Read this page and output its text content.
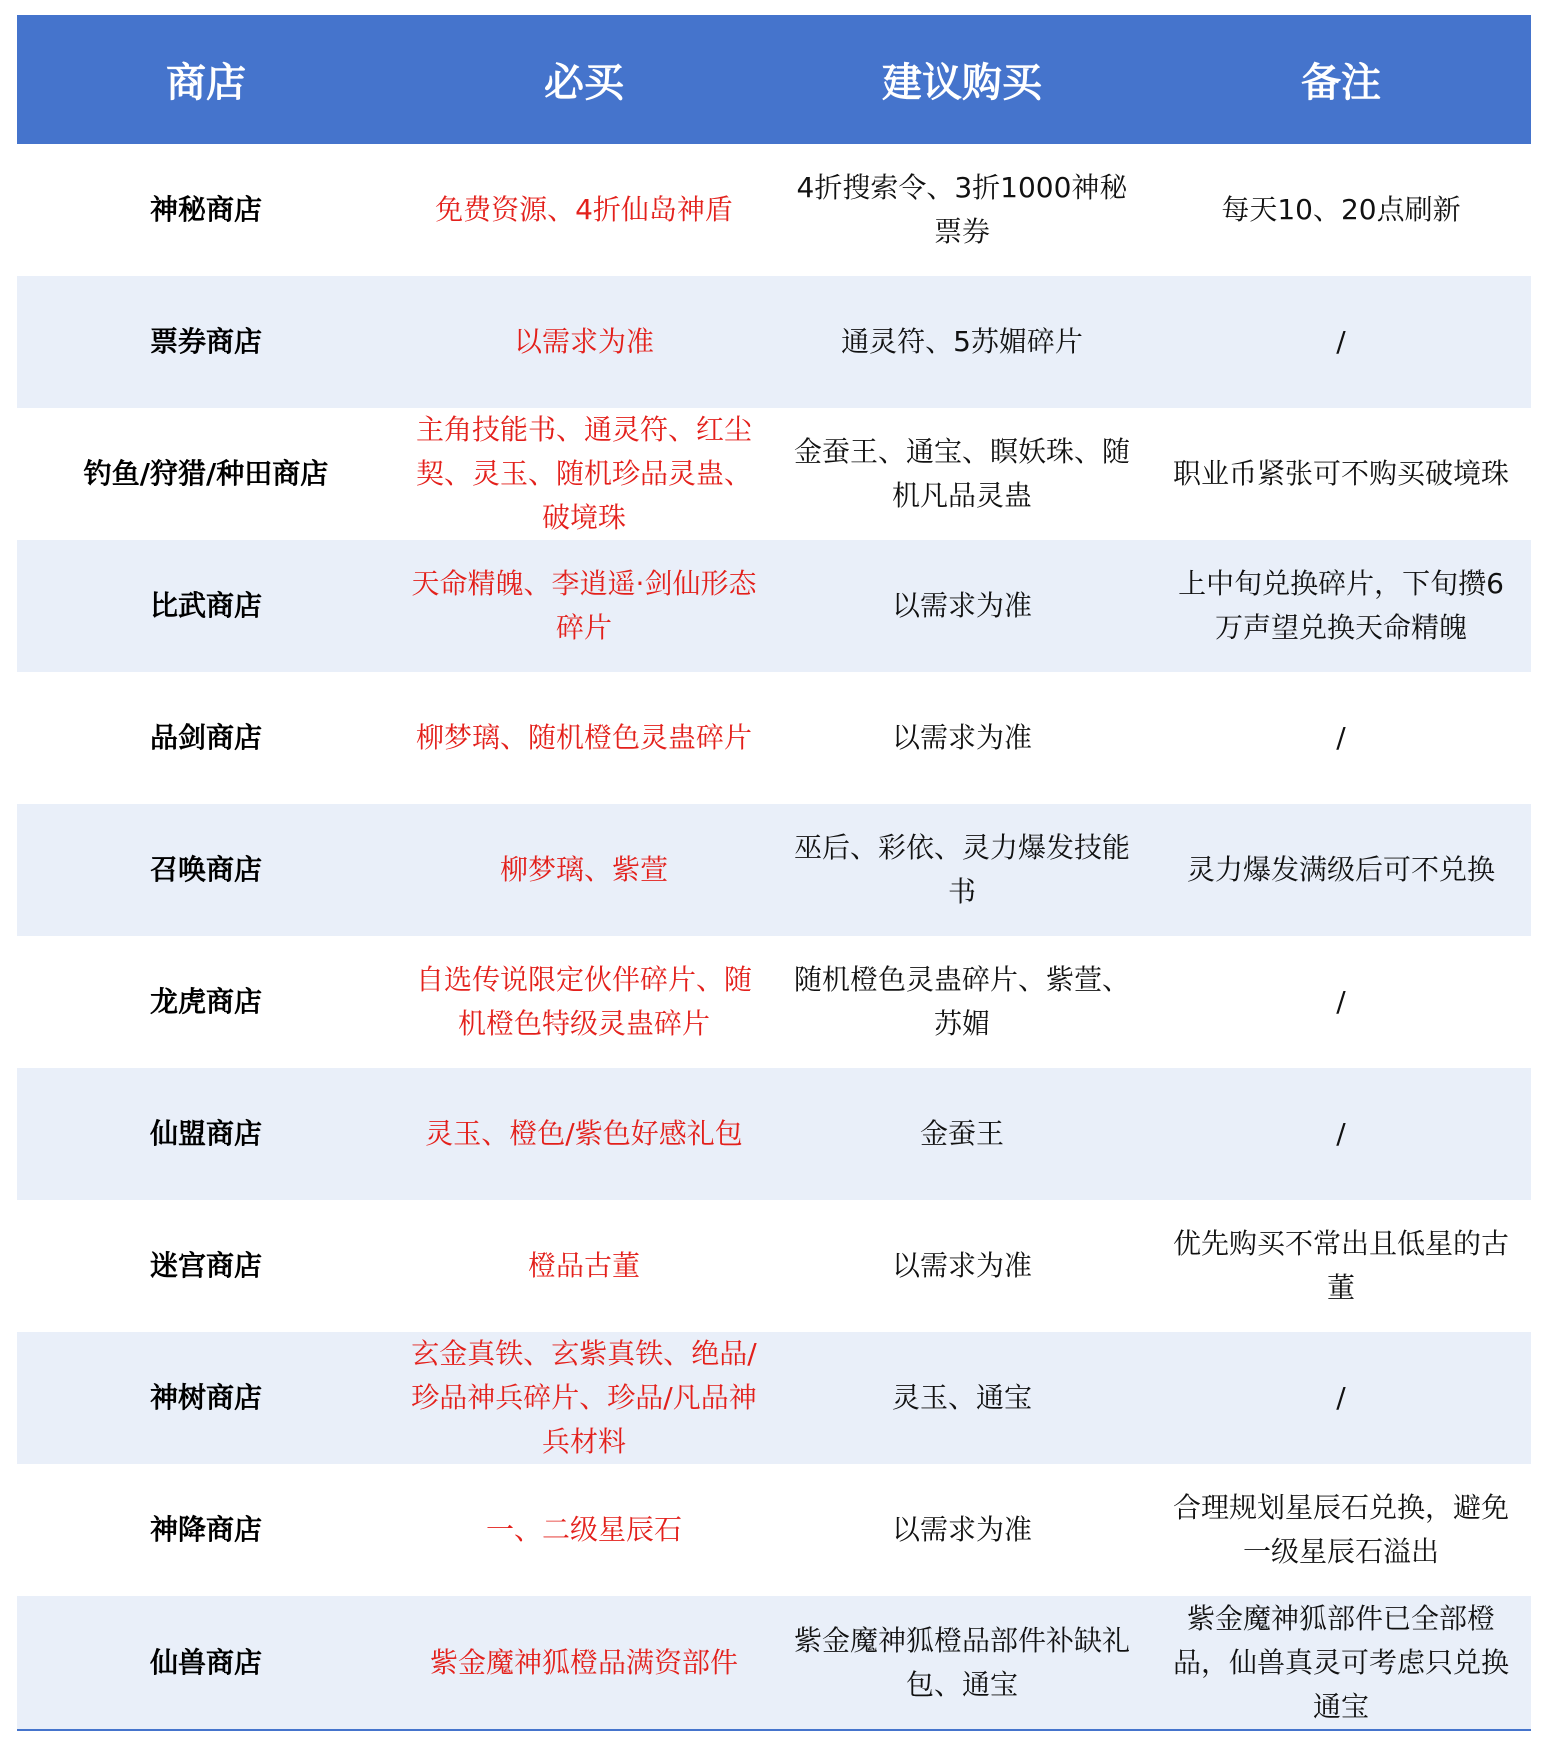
商店	必买	建议购买	备注
神秘商店	免费资源、4折仙岛神盾	4折搜索令、3折1000神秘票券	每天10、20点刷新
票券商店	以需求为准	通灵符、5苏媚碎片	/
钓鱼/狩猎/种田商店	主角技能书、通灵符、红尘契、灵玉、随机珍品灵蛊、破境珠	金蚕王、通宝、瞑妖珠、随机凡品灵蛊	职业币紧张可不购买破境珠
比武商店	天命精魄、李逍遥·剑仙形态碎片	以需求为准	上中旬兑换碎片，下旬攒6万声望兑换天命精魄
品剑商店	柳梦璃、随机橙色灵蛊碎片	以需求为准	/
召唤商店	柳梦璃、紫萱	巫后、彩依、灵力爆发技能书	灵力爆发满级后可不兑换
龙虎商店	自选传说限定伙伴碎片、随机橙色特级灵蛊碎片	随机橙色灵蛊碎片、紫萱、苏媚	/
仙盟商店	灵玉、橙色/紫色好感礼包	金蚕王	/
迷宫商店	橙品古董	以需求为准	优先购买不常出且低星的古董
神树商店	玄金真铁、玄紫真铁、绝品/珍品神兵碎片、珍品/凡品神兵材料	灵玉、通宝	/
神降商店	一、二级星辰石	以需求为准	合理规划星辰石兑换，避免一级星辰石溢出
仙兽商店	紫金魔神狐橙品满资部件	紫金魔神狐橙品部件补缺礼包、通宝	紫金魔神狐部件已全部橙品，仙兽真灵可考虑只兑换通宝
